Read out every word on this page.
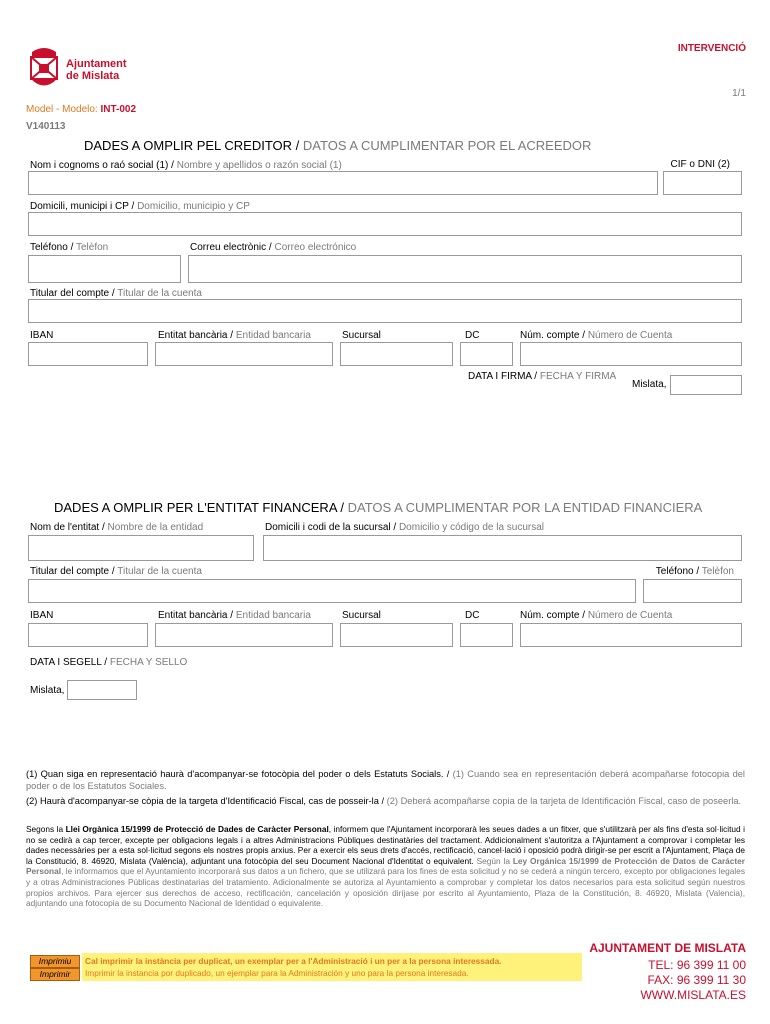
INTERVENCIÓ
Ajuntament
de Mislata
1/1
Model - Modelo: INT-002
V140113
DADES A OMPLIR PEL CREDITOR / DATOS A CUMPLIMENTAR POR EL ACREEDOR
Nom i cognoms o raó social (1) / Nombre y apellidos o razón social (1)	CIF o DNI (2)
Domicili, municipi i CP / Domicilio, municipio y CP
Teléfono / Telèfon	Correu electrònic / Correo electrónico
Titular del compte / Titular de la cuenta
IBAN	Entitat bancària / Entidad bancaria	Sucursal	DC	Núm. compte / Número de Cuenta
DATA I FIRMA / FECHA Y FIRMA
Mislata,
DADES A OMPLIR PER L'ENTITAT FINANCERA / DATOS A CUMPLIMENTAR POR LA ENTIDAD FINANCIERA
Nom de l'entitat / Nombre de la entidad	Domicili i codi de la sucursal / Domicilio y código de la sucursal
Titular del compte / Titular de la cuenta	Teléfono / Telèfon
IBAN	Entitat bancària / Entidad bancaria	Sucursal	DC	Núm. compte / Número de Cuenta
DATA I SEGELL / FECHA Y SELLO
Mislata,
(1) Quan siga en representació haurà d'acompanyar-se fotocòpia del poder o dels Estatuts Socials. / (1) Cuando sea en representación deberá acompañarse fotocopia del poder o de los Estatutos Sociales.
(2) Haurà d'acompanyar-se còpia de la targeta d'Identificació Fiscal, cas de posseir-la / (2) Deberá acompañarse copia de la tarjeta de Identificación Fiscal, caso de poseerla.
Segons la Llei Orgànica 15/1999 de Protecció de Dades de Caràcter Personal, informem que l'Ajuntament incorporarà les seues dades a un fitxer, que s'utilitzarà per als fins d'esta sol·licitud i no se cedirà a cap tercer, excepte per obligacions legals i a altres Administracions Públiques destinatàries del tractament. Addicionalment s'autoritza a l'Ajuntament a comprovar i completar les dades necessàries per a esta sol·licitud segons els nostres propis arxius. Per a exercir els seus drets d'accés, rectificació, cancel·lació i oposició podrà dirigir-se per escrit a l'Ajuntament, Plaça de la Constitució, 8. 46920, Mislata (València), adjuntant una fotocòpia del seu Document Nacional d'Identitat o equivalent. Según la Ley Orgánica 15/1999 de Protección de Datos de Carácter Personal, le informamos que el Ayuntamiento incorporará sus datos a un fichero, que se utilizará para los fines de esta solicitud y no se cederá a ningún tercero, excepto por obligaciones legales y a otras Administraciones Públicas destinatarias del tratamiento. Adicionalmente se autoriza al Ayuntamiento a comprobar y completar los datos necesarios para esta solicitud según nuestros propios archivos. Para ejercer sus derechos de acceso, rectificación, cancelación y oposición diríjase por escrito al Ayuntamiento, Plaza de la Constitución, 8. 46920, Mislata (Valencia), adjuntando una fotocopia de su Documento Nacional de Identidad o equivalente.
Imprimiu
Imprimir
Cal imprimir la instància per duplicat, un exemplar per a l'Administració i un per a la persona interessada.
Imprimir la instancia por duplicado, un ejemplar para la Administración y uno para la persona interesada.
AJUNTAMENT DE MISLATA
TEL: 96 399 11 00
FAX: 96 399 11 30
WWW.MISLATA.ES
